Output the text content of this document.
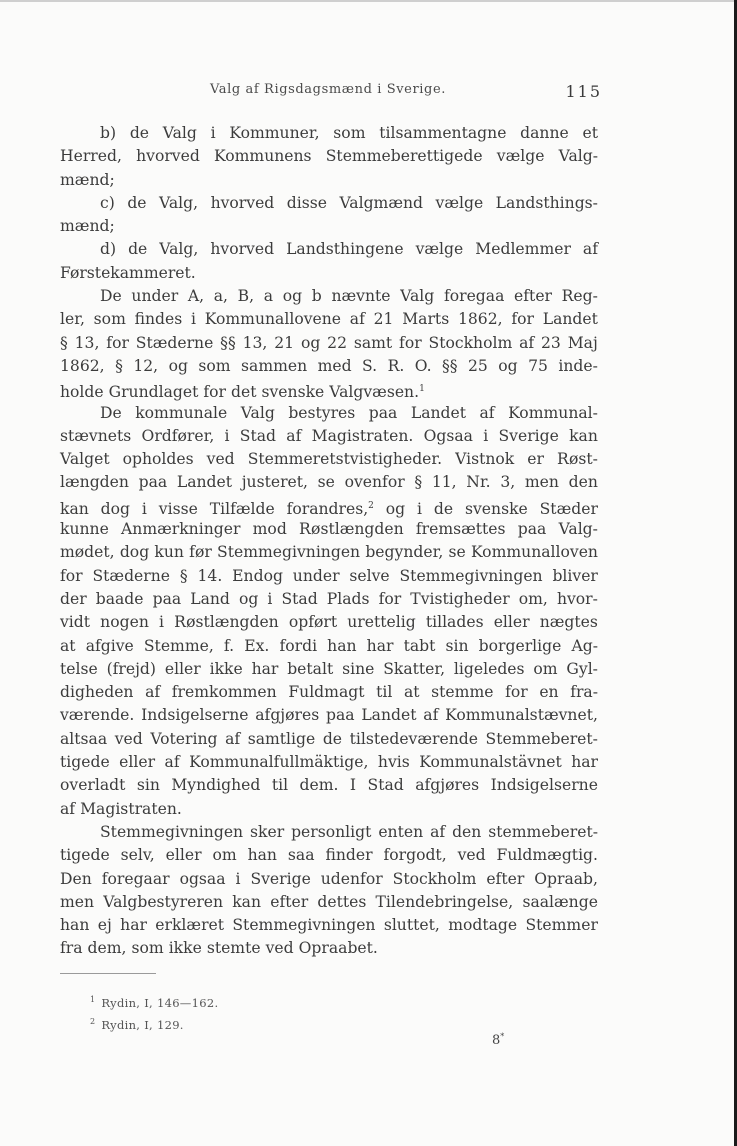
Valg af Rigsdagsmænd i Sverige.	115
b) de Valg i Kommuner, som tilsammentagne danne et
Herred, hvorved Kommunens Stemmeberettigede vælge Valg-
mænd;
c) de Valg, hvorved disse Valgmænd vælge Landsthings-
mænd;
d) de Valg, hvorved Landsthingene vælge Medlemmer af
Førstekammeret.
De under A, a, B, a og b nævnte Valg foregaa efter Reg-
ler, som findes i Kommunallovene af 21 Marts 1862, for Landet
§ 13, for Stæderne §§ 13, 21 og 22 samt for Stockholm af 23 Maj
1862, § 12, og som sammen med S. R. O. §§ 25 og 75 inde-
holde Grundlaget for det svenske Valgvæsen.$^1$
De kommunale Valg bestyres paa Landet af Kommunal-
stævnets Ordfører, i Stad af Magistraten. Ogsaa i Sverige kan
Valget opholdes ved Stemmeretstvistigheder. Vistnok er Røst-
længden paa Landet justeret, se ovenfor § 11, Nr. 3, men den
kan dog i visse Tilfælde forandres,$^2$ og i de svenske Stæder
kunne Anmærkninger mod Røstlængden fremsættes paa Valg-
mødet, dog kun før Stemmegivningen begynder, se Kommunalloven
for Stæderne § 14. Endog under selve Stemmegivningen bliver
der baade paa Land og i Stad Plads for Tvistigheder om, hvor-
vidt nogen i Røstlængden opført urettelig tillades eller nægtes
at afgive Stemme, f. Ex. fordi han har tabt sin borgerlige Ag-
telse (frejd) eller ikke har betalt sine Skatter, ligeledes om Gyl-
digheden af fremkommen Fuldmagt til at stemme for en fra-
værende. Indsigelserne afgjøres paa Landet af Kommunalstævnet,
altsaa ved Votering af samtlige de tilstedeværende Stemmeberet-
tigede eller af Kommunalfullmäktige, hvis Kommunalstävnet har
overladt sin Myndighed til dem. I Stad afgjøres Indsigelserne
af Magistraten.
Stemmegivningen sker personligt enten af den stemmeberet-
tigede selv, eller om han saa finder forgodt, ved Fuldmægtig.
Den foregaar ogsaa i Sverige udenfor Stockholm efter Opraab,
men Valgbestyreren kan efter dettes Tilendebringelse, saalænge
han ej har erklæret Stemmegivningen sluttet, modtage Stemmer
fra dem, som ikke stemte ved Opraabet.
$^1$ Rydin, I, 146—162.
$^2$ Rydin, I, 129.
8*
